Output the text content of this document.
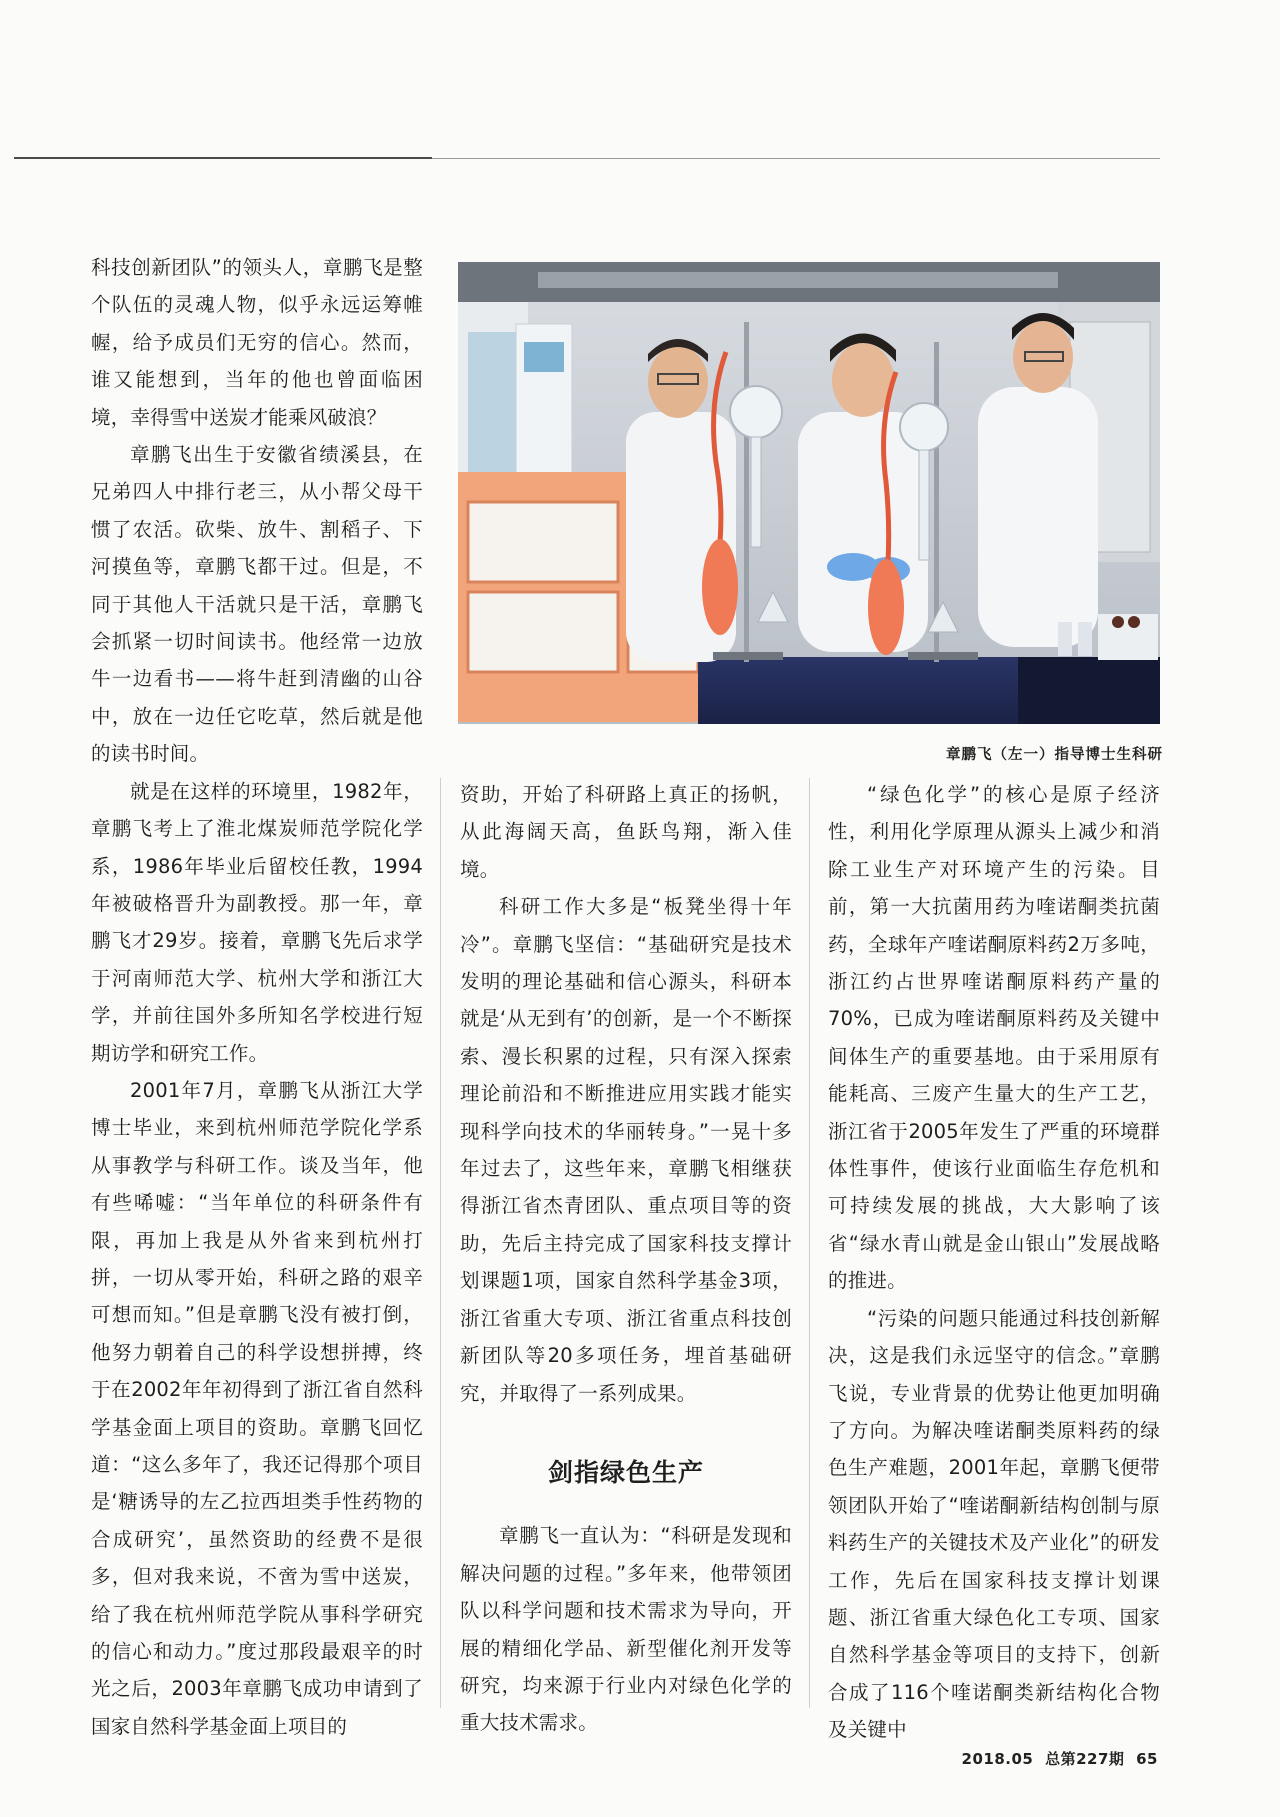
科技创新团队”的领头人，章鹏飞是整个队伍的灵魂人物，似乎永远运筹帷幄，给予成员们无穷的信心。然而，谁又能想到，当年的他也曾面临困境，幸得雪中送炭才能乘风破浪？

章鹏飞出生于安徽省绩溪县，在兄弟四人中排行老三，从小帮父母干惯了农活。砍柴、放牛、割稻子、下河摸鱼等，章鹏飞都干过。但是，不同于其他人干活就只是干活，章鹏飞会抓紧一切时间读书。他经常一边放牛一边看书——将牛赶到清幽的山谷中，放在一边任它吃草，然后就是他的读书时间。

就是在这样的环境里，1982年，章鹏飞考上了淮北煤炭师范学院化学系，1986年毕业后留校任教，1994年被破格晋升为副教授。那一年，章鹏飞才29岁。接着，章鹏飞先后求学于河南师范大学、杭州大学和浙江大学，并前往国外多所知名学校进行短期访学和研究工作。

2001年7月，章鹏飞从浙江大学博士毕业，来到杭州师范学院化学系从事教学与科研工作。谈及当年，他有些唏嘘：“当年单位的科研条件有限，再加上我是从外省来到杭州打拼，一切从零开始，科研之路的艰辛可想而知。”但是章鹏飞没有被打倒，他努力朝着自己的科学设想拼搏，终于在2002年年初得到了浙江省自然科学基金面上项目的资助。章鹏飞回忆道：“这么多年了，我还记得那个项目是‘糖诱导的左乙拉西坦类手性药物的合成研究’，虽然资助的经费不是很多，但对我来说，不啻为雪中送炭，给了我在杭州师范学院从事科学研究的信心和动力。”度过那段最艰辛的时光之后，2003年章鹏飞成功申请到了国家自然科学基金面上项目的

章鹏飞（左一）指导博士生科研

资助，开始了科研路上真正的扬帆，从此海阔天高，鱼跃鸟翔，渐入佳境。

科研工作大多是“板凳坐得十年冷”。章鹏飞坚信：“基础研究是技术发明的理论基础和信心源头，科研本就是‘从无到有’的创新，是一个不断探索、漫长积累的过程，只有深入探索理论前沿和不断推进应用实践才能实现科学向技术的华丽转身。”一晃十多年过去了，这些年来，章鹏飞相继获得浙江省杰青团队、重点项目等的资助，先后主持完成了国家科技支撑计划课题1项，国家自然科学基金3项，浙江省重大专项、浙江省重点科技创新团队等20多项任务，埋首基础研究，并取得了一系列成果。

剑指绿色生产

章鹏飞一直认为：“科研是发现和解决问题的过程。”多年来，他带领团队以科学问题和技术需求为导向，开展的精细化学品、新型催化剂开发等研究，均来源于行业内对绿色化学的重大技术需求。

“绿色化学”的核心是原子经济性，利用化学原理从源头上减少和消除工业生产对环境产生的污染。目前，第一大抗菌用药为喹诺酮类抗菌药，全球年产喹诺酮原料药2万多吨，浙江约占世界喹诺酮原料药产量的70%，已成为喹诺酮原料药及关键中间体生产的重要基地。由于采用原有能耗高、三废产生量大的生产工艺，浙江省于2005年发生了严重的环境群体性事件，使该行业面临生存危机和可持续发展的挑战，大大影响了该省“绿水青山就是金山银山”发展战略的推进。

“污染的问题只能通过科技创新解决，这是我们永远坚守的信念。”章鹏飞说，专业背景的优势让他更加明确了方向。为解决喹诺酮类原料药的绿色生产难题，2001年起，章鹏飞便带领团队开始了“喹诺酮新结构创制与原料药生产的关键技术及产业化”的研发工作，先后在国家科技支撑计划课题、浙江省重大绿色化工专项、国家自然科学基金等项目的支持下，创新合成了116个喹诺酮类新结构化合物及关键中

2018.05 总第227期 65
